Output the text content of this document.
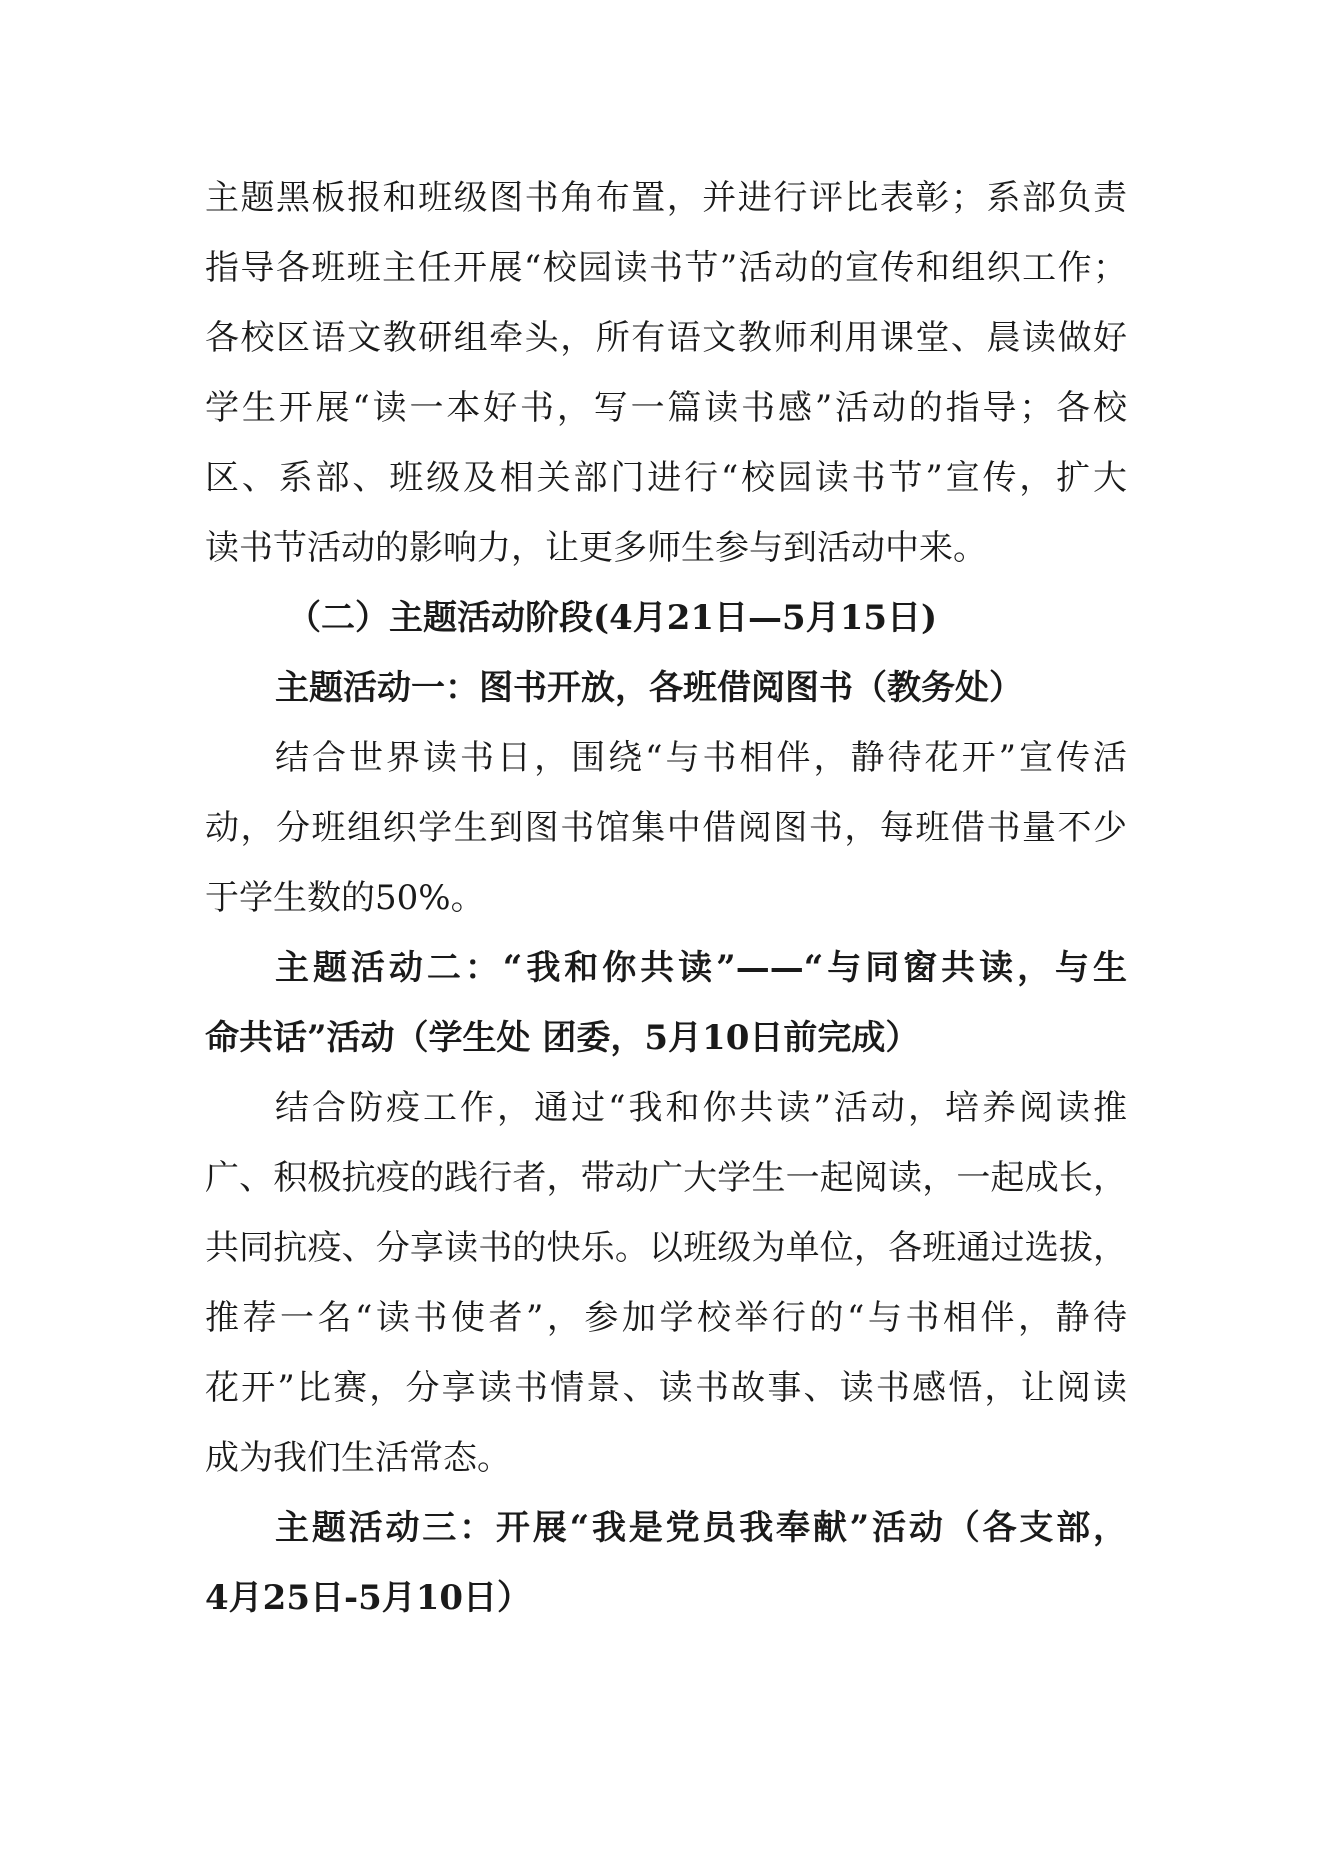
主题黑板报和班级图书角布置，并进行评比表彰；系部负责
指导各班班主任开展“校园读书节”活动的宣传和组织工作；
各校区语文教研组牵头，所有语文教师利用课堂、晨读做好
学生开展“读一本好书，写一篇读书感”活动的指导；各校
区、系部、班级及相关部门进行“校园读书节”宣传，扩大
读书节活动的影响力，让更多师生参与到活动中来。
（二）主题活动阶段(4月21日—5月15日)
主题活动一：图书开放，各班借阅图书（教务处）
结合世界读书日，围绕“与书相伴，静待花开”宣传活
动，分班组织学生到图书馆集中借阅图书，每班借书量不少
于学生数的50%。
主题活动二：“我和你共读”——“与同窗共读，与生
命共话”活动（学生处 团委，5月10日前完成）
结合防疫工作，通过“我和你共读”活动，培养阅读推
广、积极抗疫的践行者，带动广大学生一起阅读，一起成长，
共同抗疫、分享读书的快乐。以班级为单位，各班通过选拔，
推荐一名“读书使者”，参加学校举行的“与书相伴，静待
花开”比赛，分享读书情景、读书故事、读书感悟，让阅读
成为我们生活常态。
主题活动三：开展“我是党员我奉献”活动（各支部，
4月25日-5月10日）
